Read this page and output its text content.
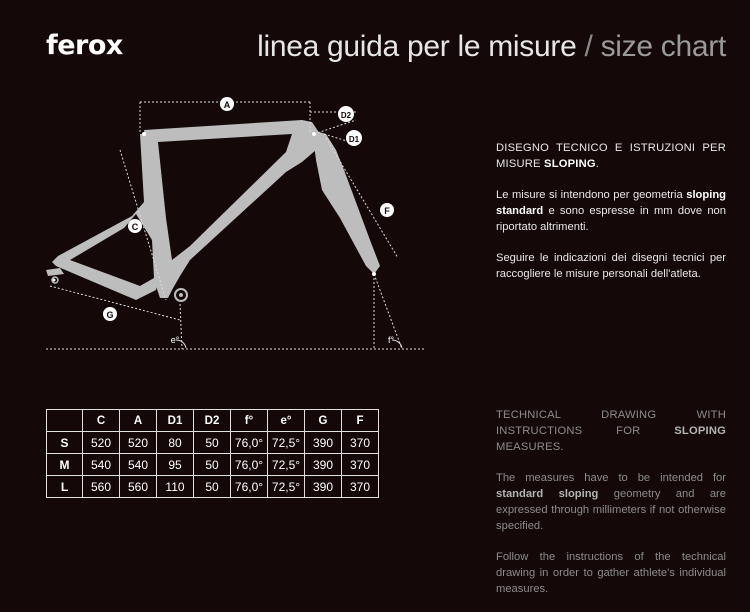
ferox	linea guida per le misure / size chart
A
D2
D1
C
F
G
e°	f°

DISEGNO TECNICO E ISTRUZIONI PER MISURE SLOPING.

Le misure si intendono per geometria sloping standard e sono espresse in mm dove non riportato altrimenti.

Seguire le indicazioni dei disegni tecnici per raccogliere le misure personali dell'atleta.

TECHNICAL DRAWING WITH INSTRUCTIONS FOR SLOPING MEASURES.

The measures have to be intended for standard sloping geometry and are expressed through millimeters if not otherwise specified.

Follow the instructions of the technical drawing in order to gather athlete's individual measures.

	C	A	D1	D2	f°	e°	G	F
S	520	520	80	50	76,0°	72,5°	390	370
M	540	540	95	50	76,0°	72,5°	390	370
L	560	560	110	50	76,0°	72,5°	390	370
